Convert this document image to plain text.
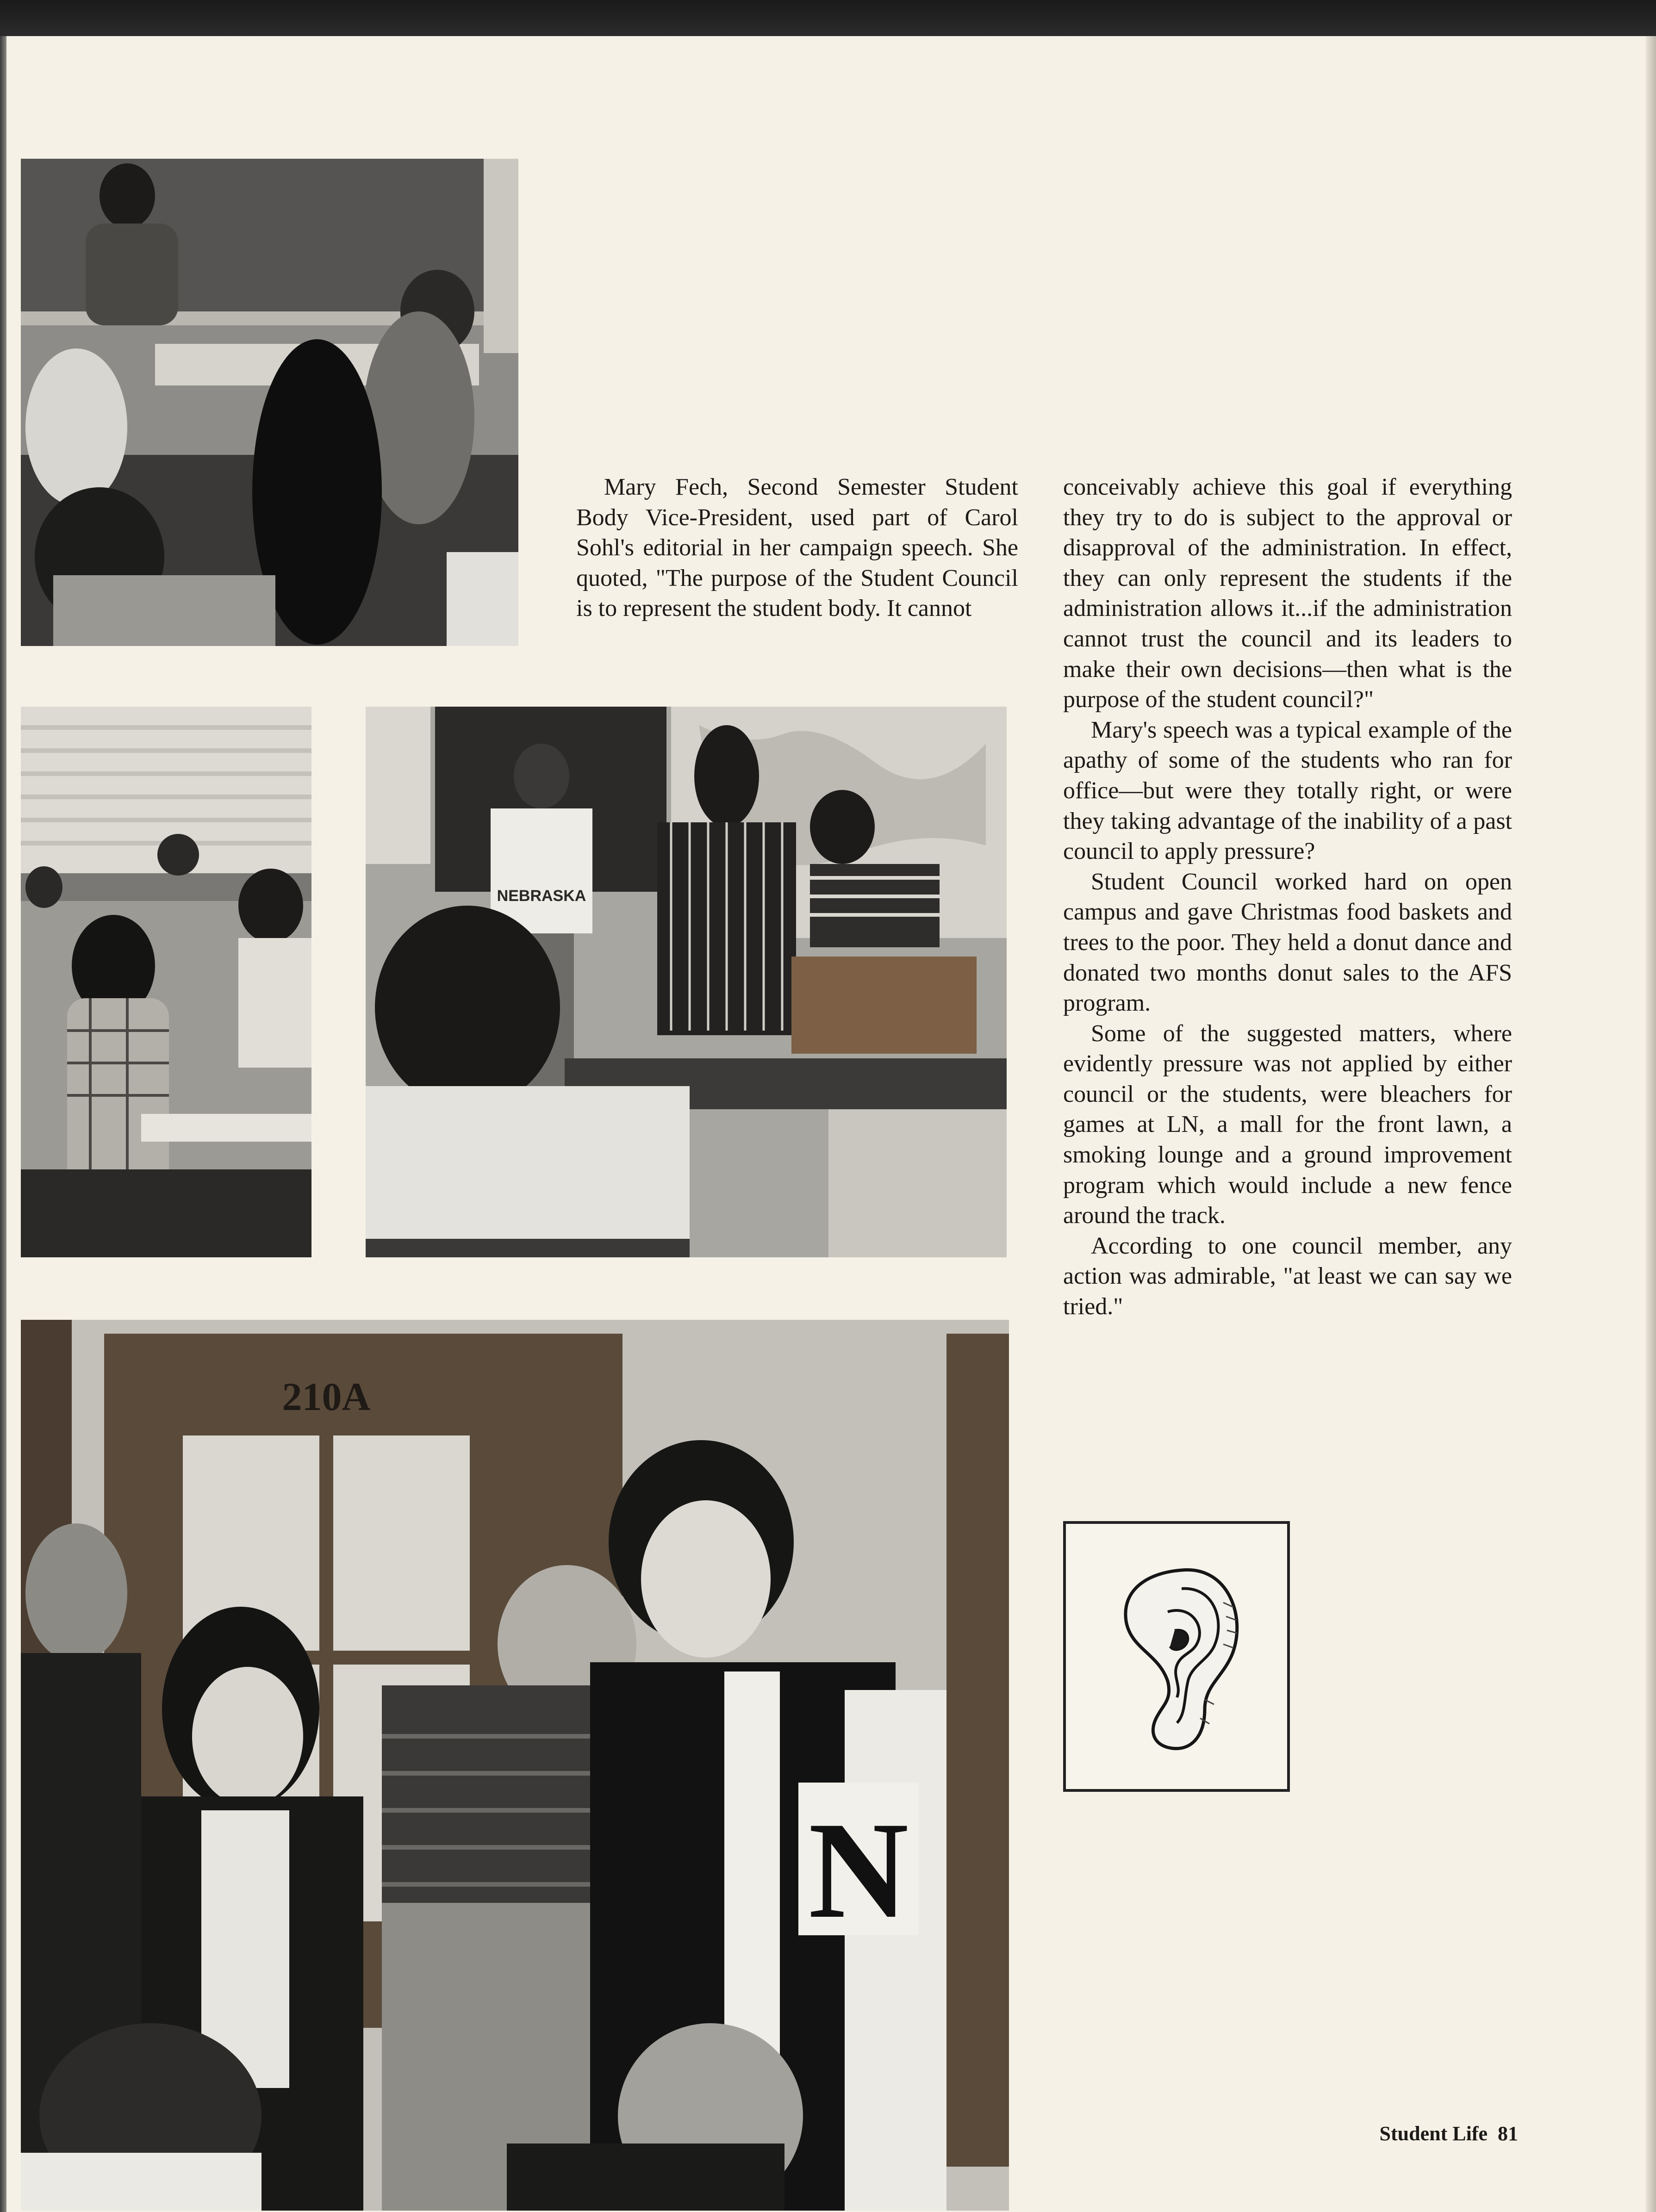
NEBRASKA
210A
N

Mary Fech, Second Semester Student Body Vice-President, used part of Carol Sohl's editorial in her campaign speech. She quoted, "The purpose of the Student Council is to represent the student body. It cannot

conceivably achieve this goal if everything they try to do is subject to the approval or disapproval of the administration. In effect, they can only represent the students if the administration allows it...if the administration cannot trust the council and its leaders to make their own decisions—then what is the purpose of the student council?"

Mary's speech was a typical example of the apathy of some of the students who ran for office—but were they totally right, or were they taking advantage of the inability of a past council to apply pressure?

Student Council worked hard on open campus and gave Christmas food baskets and trees to the poor. They held a donut dance and donated two months donut sales to the AFS program.

Some of the suggested matters, where evidently pressure was not applied by either council or the students, were bleachers for games at LN, a mall for the front lawn, a smoking lounge and a ground improvement program which would include a new fence around the track.

According to one council member, any action was admirable, "at least we can say we tried."

Student Life 81
